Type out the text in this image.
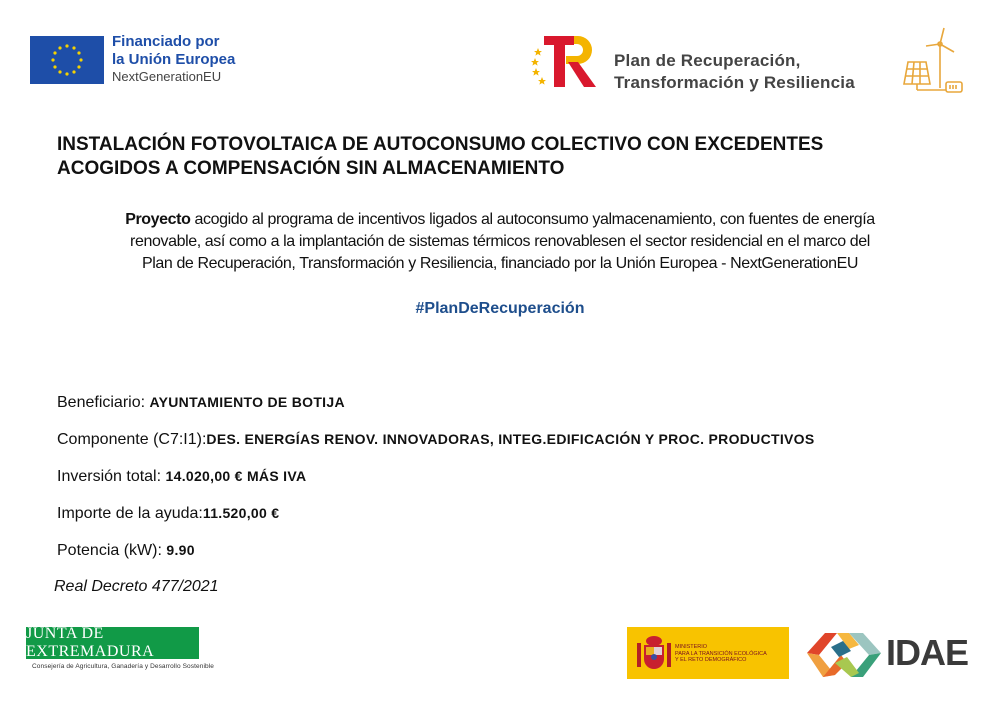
Financiado por
la Unión Europea
NextGenerationEU
Plan de Recuperación,
Transformación y Resiliencia
INSTALACIÓN FOTOVOLTAICA DE AUTOCONSUMO COLECTIVO CON EXCEDENTES
ACOGIDOS A COMPENSACIÓN SIN ALMACENAMIENTO
Proyecto acogido al programa de incentivos ligados al autoconsumo yalmacenamiento, con fuentes de energía
renovable, así como a la implantación de sistemas térmicos renovablesen el sector residencial en el marco del
Plan de Recuperación, Transformación y Resiliencia, financiado por la Unión Europea - NextGenerationEU
#PlanDeRecuperación
Beneficiario: AYUNTAMIENTO DE BOTIJA
Componente (C7:I1):DES. ENERGÍAS RENOV. INNOVADORAS, INTEG.EDIFICACIÓN Y PROC. PRODUCTIVOS
Inversión total: 14.020,00 € MÁS IVA
Importe de la ayuda:11.520,00 €
Potencia (kW): 9.90
Real Decreto 477/2021
JUNTA DE EXTREMADURA
Consejería de Agricultura, Ganadería y Desarrollo Sostenible
MINISTERIO
PARA LA TRANSICIÓN ECOLÓGICA
Y EL RETO DEMOGRÁFICO	IDAE
